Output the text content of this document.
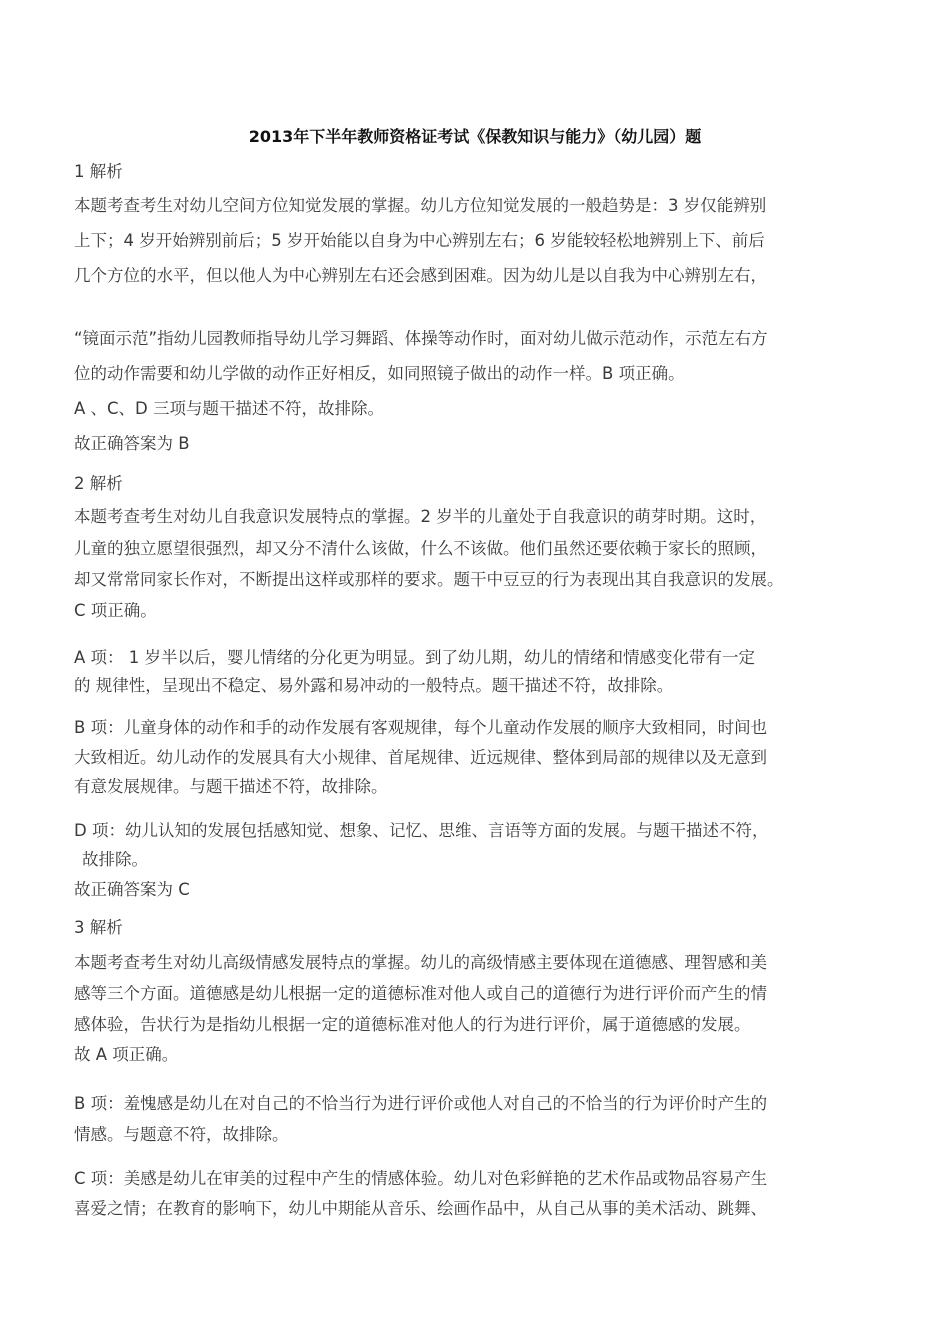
2013年下半年教师资格证考试《保教知识与能力》（幼儿园）题
1 解析
本题考查考生对幼儿空间方位知觉发展的掌握。幼儿方位知觉发展的一般趋势是：3 岁仅能辨别
上下；4 岁开始辨别前后；5 岁开始能以自身为中心辨别左右；6 岁能较轻松地辨别上下、前后
几个方位的水平，但以他人为中心辨别左右还会感到困难。因为幼儿是以自我为中心辨别左右，
“镜面示范”指幼儿园教师指导幼儿学习舞蹈、体操等动作时，面对幼儿做示范动作，示范左右方
位的动作需要和幼儿学做的动作正好相反，如同照镜子做出的动作一样。B 项正确。
A 、C、D 三项与题干描述不符，故排除。
故正确答案为 B
2 解析
本题考查考生对幼儿自我意识发展特点的掌握。2 岁半的儿童处于自我意识的萌芽时期。这时，
儿童的独立愿望很强烈，却又分不清什么该做，什么不该做。他们虽然还要依赖于家长的照顾，
却又常常同家长作对，不断提出这样或那样的要求。题干中豆豆的行为表现出其自我意识的发展。
C 项正确。
A 项： 1 岁半以后，婴儿情绪的分化更为明显。到了幼儿期，幼儿的情绪和情感变化带有一定
的 规律性，呈现出不稳定、易外露和易冲动的一般特点。题干描述不符，故排除。
B 项：儿童身体的动作和手的动作发展有客观规律，每个儿童动作发展的顺序大致相同，时间也
大致相近。幼儿动作的发展具有大小规律、首尾规律、近远规律、整体到局部的规律以及无意到
有意发展规律。与题干描述不符，故排除。
D 项：幼儿认知的发展包括感知觉、想象、记忆、思维、言语等方面的发展。与题干描述不符，
故排除。
故正确答案为 C
3 解析
本题考查考生对幼儿高级情感发展特点的掌握。幼儿的高级情感主要体现在道德感、理智感和美
感等三个方面。道德感是幼儿根据一定的道德标准对他人或自己的道德行为进行评价而产生的情
感体验，告状行为是指幼儿根据一定的道德标准对他人的行为进行评价，属于道德感的发展。
故 A 项正确。
B 项：羞愧感是幼儿在对自己的不恰当行为进行评价或他人对自己的不恰当的行为评价时产生的
情感。与题意不符，故排除。
C 项：美感是幼儿在审美的过程中产生的情感体验。幼儿对色彩鲜艳的艺术作品或物品容易产生
喜爱之情；在教育的影响下，幼儿中期能从音乐、绘画作品中，从自己从事的美术活动、跳舞、
